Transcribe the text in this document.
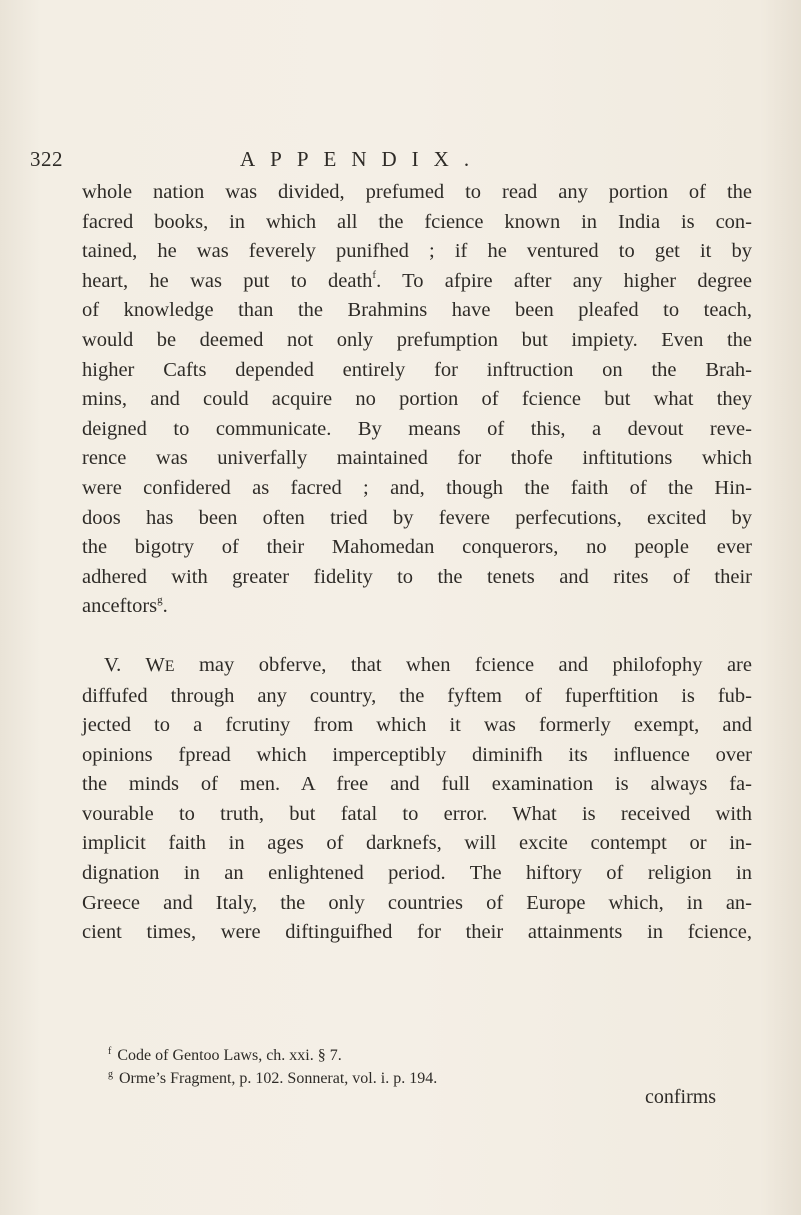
322	APPENDIX.
whole nation was divided, prefumed to read any portion of the
facred books, in which all the fcience known in India is con-
tained, he was feverely punifhed ; if he ventured to get it by
heart, he was put to death$^f$. To afpire after any higher degree
of knowledge than the Brahmins have been pleafed to teach,
would be deemed not only prefumption but impiety. Even the
higher Cafts depended entirely for inftruction on the Brah-
mins, and could acquire no portion of fcience but what they
deigned to communicate. By means of this, a devout reve-
rence was univerfally maintained for thofe inftitutions which
were confidered as facred ; and, though the faith of the Hin-
doos has been often tried by fevere perfecutions, excited by
the bigotry of their Mahomedan conquerors, no people ever
adhered with greater fidelity to the tenets and rites of their
anceftors$^g$.
V. WE may obferve, that when fcience and philofophy are
diffufed through any country, the fyftem of fuperftition is fub-
jected to a fcrutiny from which it was formerly exempt, and
opinions fpread which imperceptibly diminifh its influence over
the minds of men. A free and full examination is always fa-
vourable to truth, but fatal to error. What is received with
implicit faith in ages of darknefs, will excite contempt or in-
dignation in an enlightened period. The hiftory of religion in
Greece and Italy, the only countries of Europe which, in an-
cient times, were diftinguifhed for their attainments in fcience,
$^f$ Code of Gentoo Laws, ch. xxi. § 7.
$^g$ Orme’s Fragment, p. 102. Sonnerat, vol. i. p. 194.
confirms
